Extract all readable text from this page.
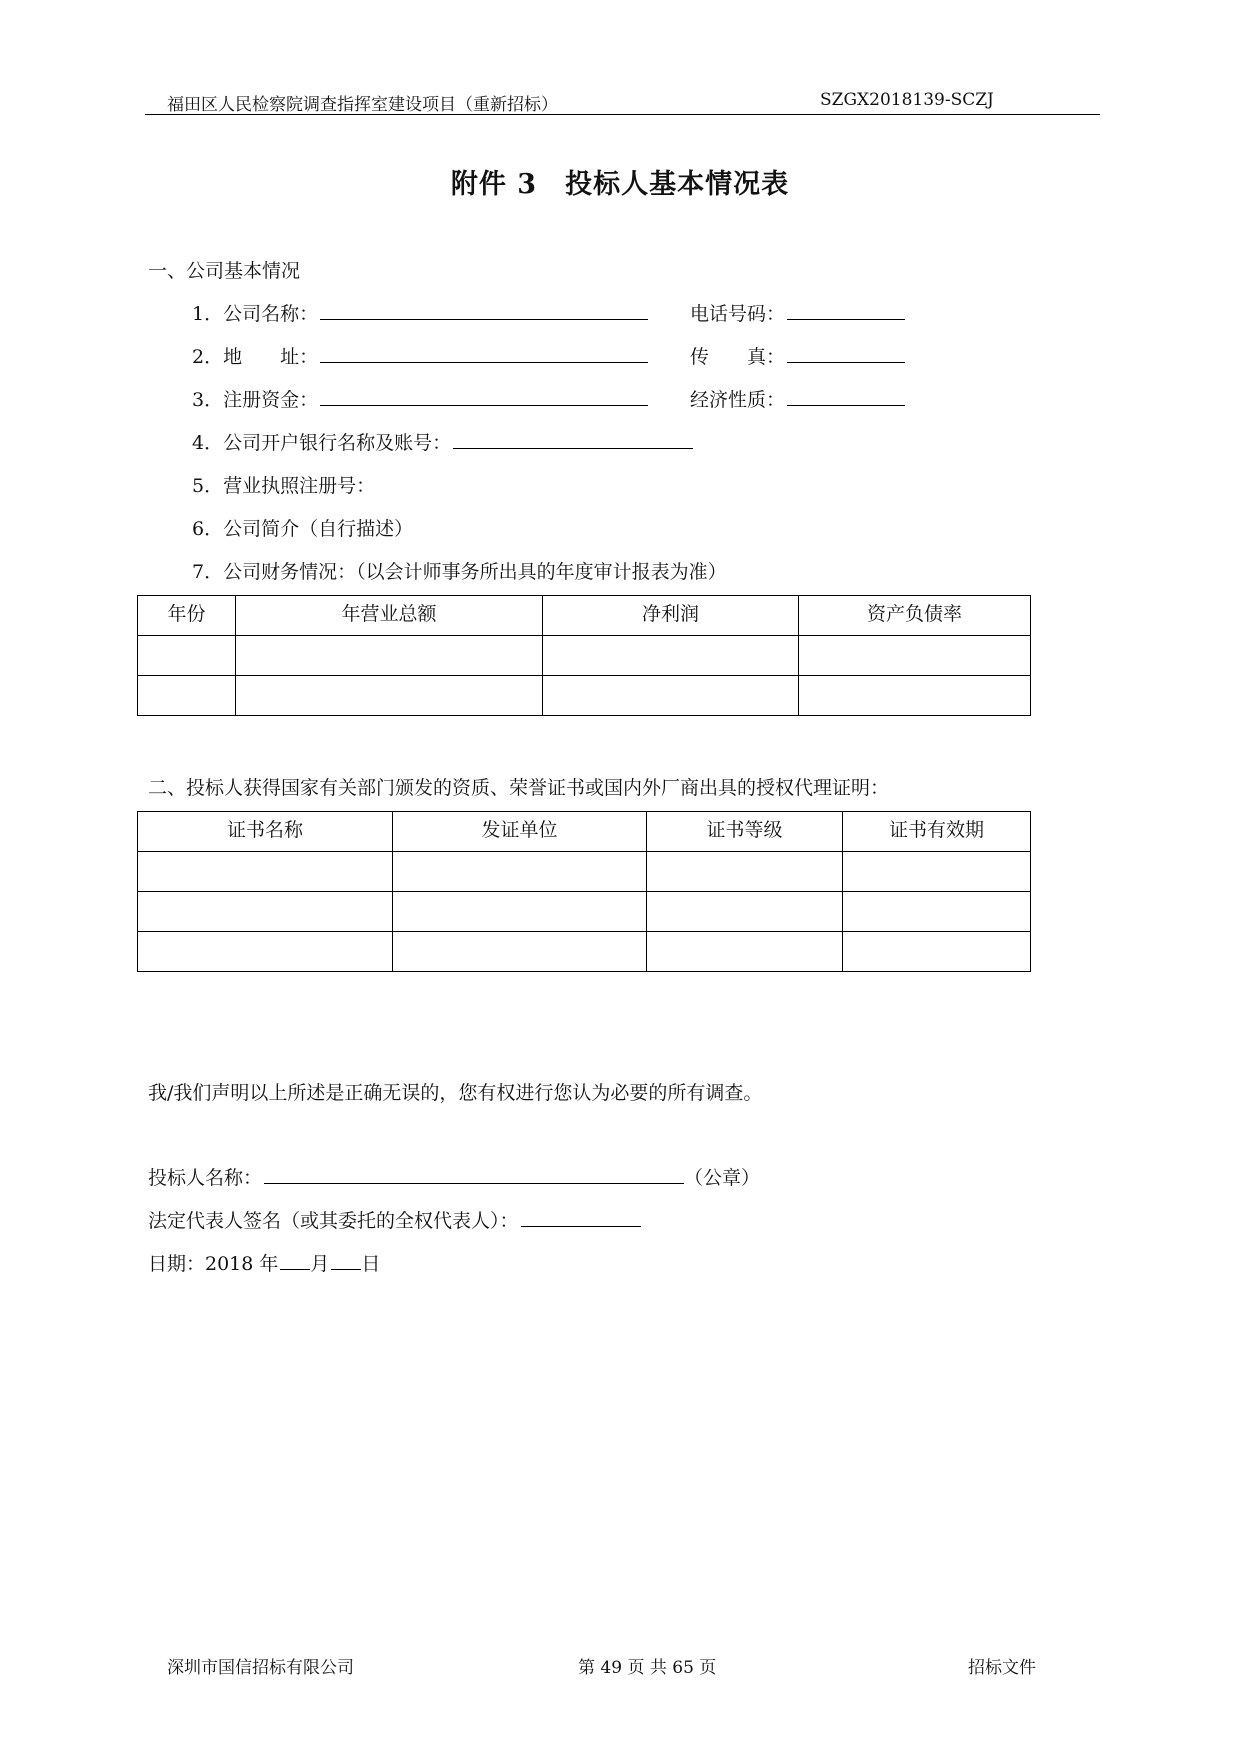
福田区人民检察院调查指挥室建设项目（重新招标）	SZGX2018139-SCZJ
附件 3　投标人基本情况表
一、公司基本情况
1．公司名称：	电话号码：
2．地　　址：	传　　真：
3．注册资金：	经济性质：
4．公司开户银行名称及账号：
5．营业执照注册号：
6．公司简介（自行描述）
7．公司财务情况：（以会计师事务所出具的年度审计报表为准）
年份	年营业总额	净利润	资产负债率

二、投标人获得国家有关部门颁发的资质、荣誉证书或国内外厂商出具的授权代理证明：
证书名称	发证单位	证书等级	证书有效期

我/我们声明以上所述是正确无误的，您有权进行您认为必要的所有调查。
投标人名称：	（公章）
法定代表人签名（或其委托的全权代表人）：
日期：2018 年 月 日
深圳市国信招标有限公司	第 49 页 共 65 页	招标文件
